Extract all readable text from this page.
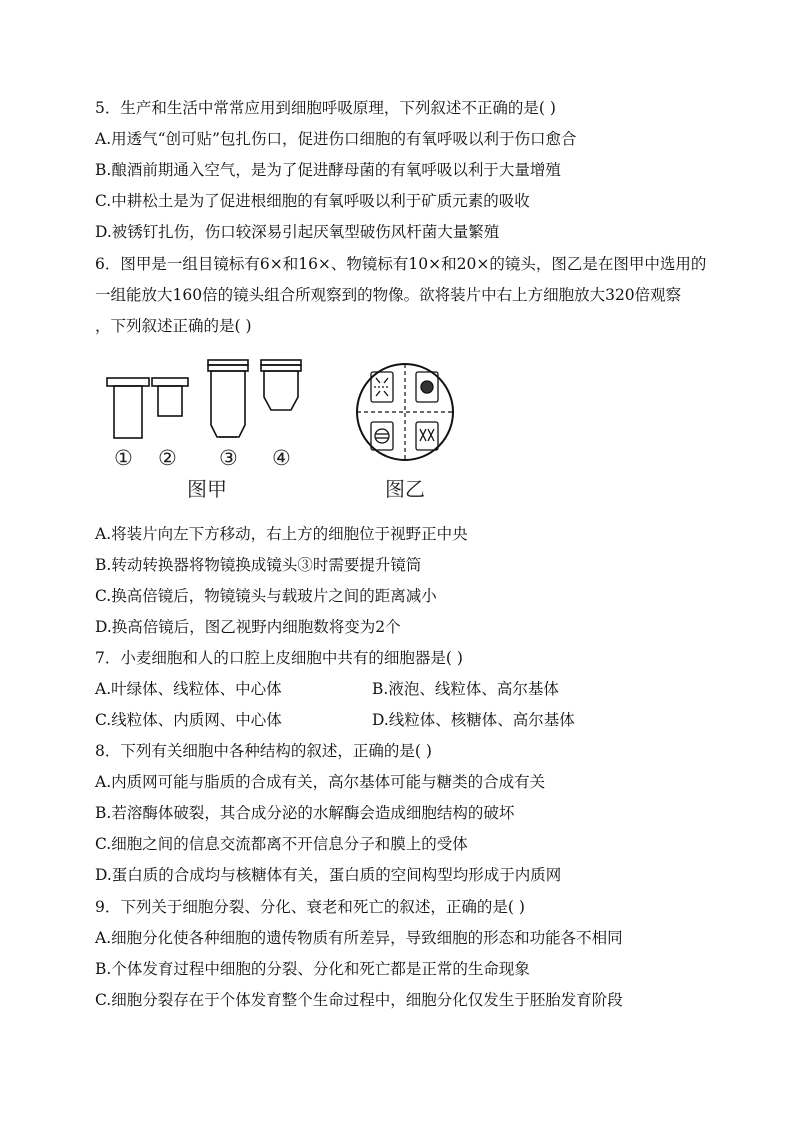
5．生产和生活中常常应用到细胞呼吸原理，下列叙述不正确的是( )
A.用透气“创可贴”包扎伤口，促进伤口细胞的有氧呼吸以利于伤口愈合
B.酿酒前期通入空气，是为了促进酵母菌的有氧呼吸以利于大量增殖
C.中耕松土是为了促进根细胞的有氧呼吸以利于矿质元素的吸收
D.被锈钉扎伤，伤口较深易引起厌氧型破伤风杆菌大量繁殖
6．图甲是一组目镜标有6×和16×、物镜标有10×和20×的镜头，图乙是在图甲中选用的
一组能放大160倍的镜头组合所观察到的物像。欲将装片中右上方细胞放大320倍观察
，下列叙述正确的是( )
① ② ③ ④
图甲	图乙
A.将装片向左下方移动，右上方的细胞位于视野正中央
B.转动转换器将物镜换成镜头③时需要提升镜筒
C.换高倍镜后，物镜镜头与载玻片之间的距离减小
D.换高倍镜后，图乙视野内细胞数将变为2个
7．小麦细胞和人的口腔上皮细胞中共有的细胞器是( )
A.叶绿体、线粒体、中心体	B.液泡、线粒体、高尔基体
C.线粒体、内质网、中心体	D.线粒体、核糖体、高尔基体
8．下列有关细胞中各种结构的叙述，正确的是( )
A.内质网可能与脂质的合成有关，高尔基体可能与糖类的合成有关
B.若溶酶体破裂，其合成分泌的水解酶会造成细胞结构的破坏
C.细胞之间的信息交流都离不开信息分子和膜上的受体
D.蛋白质的合成均与核糖体有关，蛋白质的空间构型均形成于内质网
9．下列关于细胞分裂、分化、衰老和死亡的叙述，正确的是( )
A.细胞分化使各种细胞的遗传物质有所差异，导致细胞的形态和功能各不相同
B.个体发育过程中细胞的分裂、分化和死亡都是正常的生命现象
C.细胞分裂存在于个体发育整个生命过程中，细胞分化仅发生于胚胎发育阶段
